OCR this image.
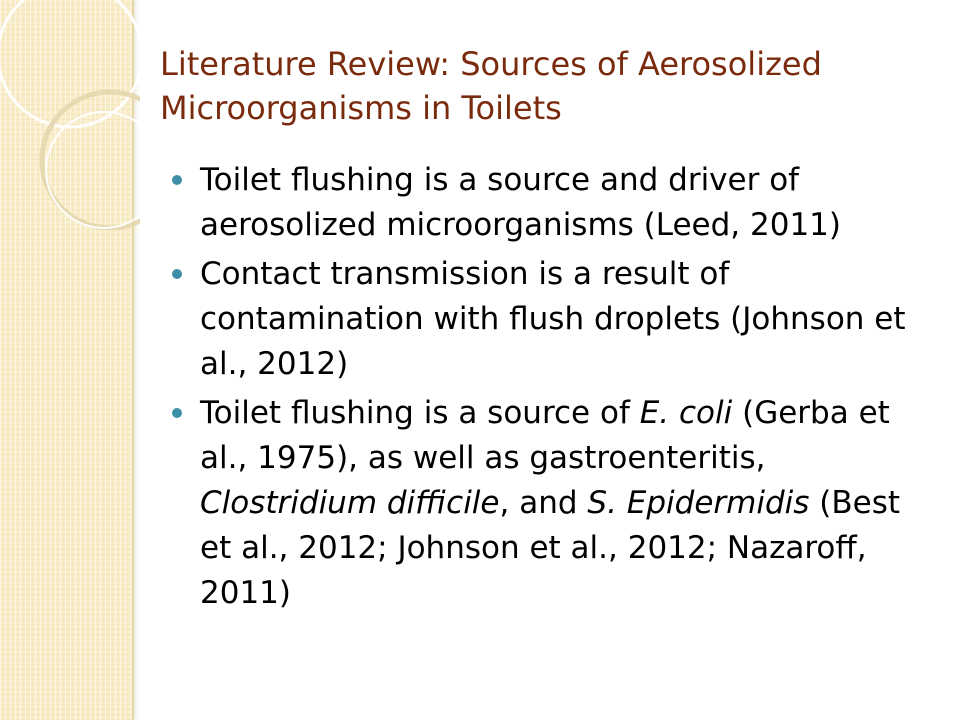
Literature Review: Sources of Aerosolized Microorganisms in Toilets
Toilet flushing is a source and driver of aerosolized microorganisms (Leed, 2011)
Contact transmission is a result of contamination with flush droplets (Johnson et al., 2012)
Toilet flushing is a source of E. coli (Gerba et al., 1975), as well as gastroenteritis, Clostridium difficile, and S. Epidermidis (Best et al., 2012; Johnson et al., 2012; Nazaroff, 2011)
